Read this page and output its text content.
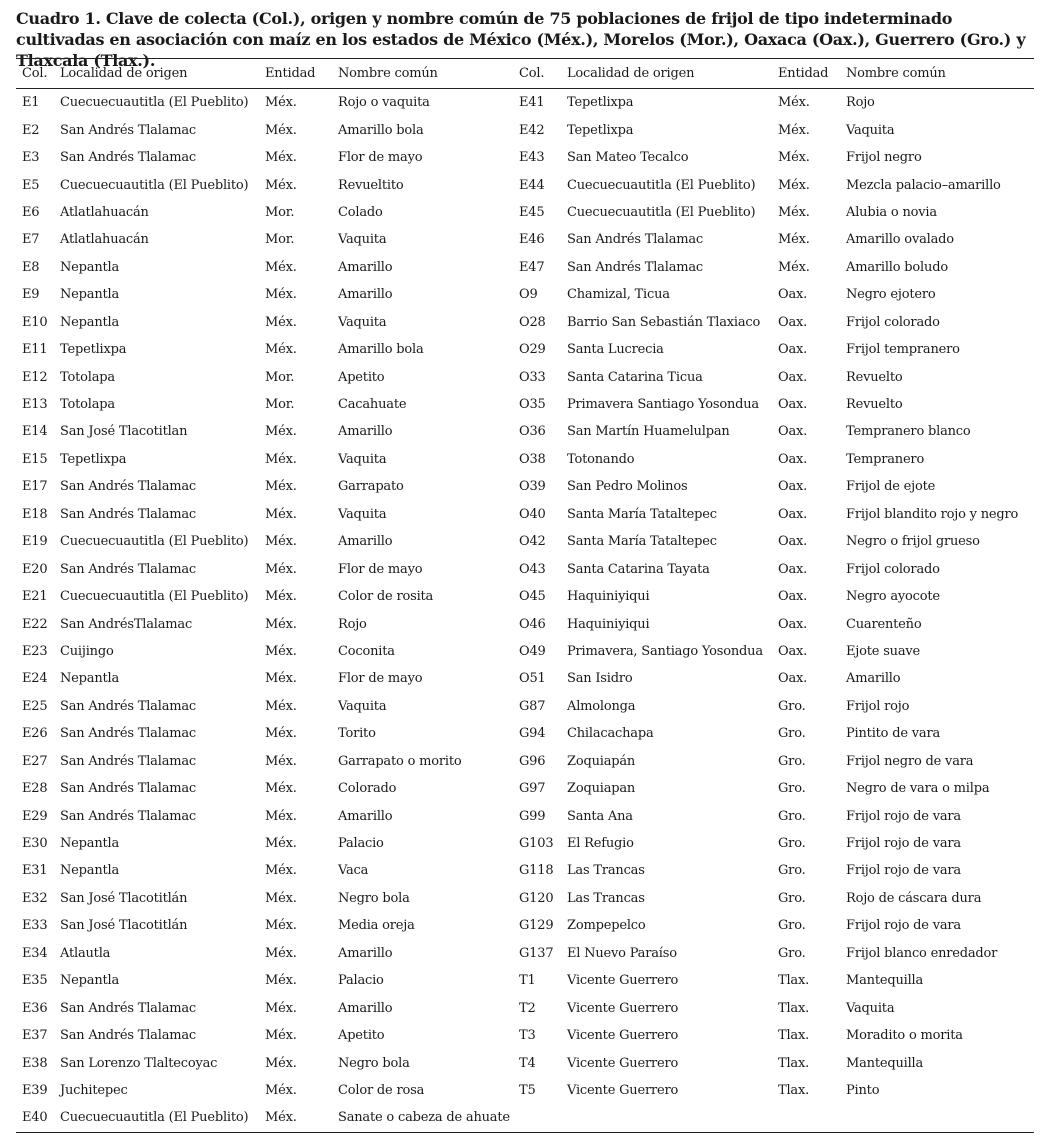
Cuadro 1. Clave de colecta (Col.), origen y nombre común de 75 poblaciones de frijol de tipo indeterminado cultivadas en asociación con maíz en los estados de México (Méx.), Morelos (Mor.), Oaxaca (Oax.), Guerrero (Gro.) y Tlaxcala (Tlax.).
Col.	Localidad de origen	Entidad	Nombre común	Col.	Localidad de origen	Entidad	Nombre común
E1	Cuecuecuautitla (El Pueblito)	Méx.	Rojo o vaquita	E41	Tepetlixpa	Méx.	Rojo
E2	San Andrés Tlalamac	Méx.	Amarillo bola	E42	Tepetlixpa	Méx.	Vaquita
E3	San Andrés Tlalamac	Méx.	Flor de mayo	E43	San Mateo Tecalco	Méx.	Frijol negro
E5	Cuecuecuautitla (El Pueblito)	Méx.	Revueltito	E44	Cuecuecuautitla (El Pueblito)	Méx.	Mezcla palacio–amarillo
E6	Atlatlahuacán	Mor.	Colado	E45	Cuecuecuautitla (El Pueblito)	Méx.	Alubia o novia
E7	Atlatlahuacán	Mor.	Vaquita	E46	San Andrés Tlalamac	Méx.	Amarillo ovalado
E8	Nepantla	Méx.	Amarillo	E47	San Andrés Tlalamac	Méx.	Amarillo boludo
E9	Nepantla	Méx.	Amarillo	O9	Chamizal, Ticua	Oax.	Negro ejotero
E10	Nepantla	Méx.	Vaquita	O28	Barrio San Sebastián Tlaxiaco	Oax.	Frijol colorado
E11	Tepetlixpa	Méx.	Amarillo bola	O29	Santa Lucrecia	Oax.	Frijol tempranero
E12	Totolapa	Mor.	Apetito	O33	Santa Catarina Ticua	Oax.	Revuelto
E13	Totolapa	Mor.	Cacahuate	O35	Primavera Santiago Yosondua	Oax.	Revuelto
E14	San José Tlacotitlan	Méx.	Amarillo	O36	San Martín Huamelulpan	Oax.	Tempranero blanco
E15	Tepetlixpa	Méx.	Vaquita	O38	Totonando	Oax.	Tempranero
E17	San Andrés Tlalamac	Méx.	Garrapato	O39	San Pedro Molinos	Oax.	Frijol de ejote
E18	San Andrés Tlalamac	Méx.	Vaquita	O40	Santa María Tataltepec	Oax.	Frijol blandito rojo y negro
E19	Cuecuecuautitla (El Pueblito)	Méx.	Amarillo	O42	Santa María Tataltepec	Oax.	Negro o frijol grueso
E20	San Andrés Tlalamac	Méx.	Flor de mayo	O43	Santa Catarina Tayata	Oax.	Frijol colorado
E21	Cuecuecuautitla (El Pueblito)	Méx.	Color de rosita	O45	Haquiniyiqui	Oax.	Negro ayocote
E22	San AndrésTlalamac	Méx.	Rojo	O46	Haquiniyiqui	Oax.	Cuarenteño
E23	Cuijingo	Méx.	Coconita	O49	Primavera, Santiago Yosondua	Oax.	Ejote suave
E24	Nepantla	Méx.	Flor de mayo	O51	San Isidro	Oax.	Amarillo
E25	San Andrés Tlalamac	Méx.	Vaquita	G87	Almolonga	Gro.	Frijol rojo
E26	San Andrés Tlalamac	Méx.	Torito	G94	Chilacachapa	Gro.	Pintito de vara
E27	San Andrés Tlalamac	Méx.	Garrapato o morito	G96	Zoquiapán	Gro.	Frijol negro de vara
E28	San Andrés Tlalamac	Méx.	Colorado	G97	Zoquiapan	Gro.	Negro de vara o milpa
E29	San Andrés Tlalamac	Méx.	Amarillo	G99	Santa Ana	Gro.	Frijol rojo de vara
E30	Nepantla	Méx.	Palacio	G103	El Refugio	Gro.	Frijol rojo de vara
E31	Nepantla	Méx.	Vaca	G118	Las Trancas	Gro.	Frijol rojo de vara
E32	San José Tlacotitlán	Méx.	Negro bola	G120	Las Trancas	Gro.	Rojo de cáscara dura
E33	San José Tlacotitlán	Méx.	Media oreja	G129	Zompepelco	Gro.	Frijol rojo de vara
E34	Atlautla	Méx.	Amarillo	G137	El Nuevo Paraíso	Gro.	Frijol blanco enredador
E35	Nepantla	Méx.	Palacio	T1	Vicente Guerrero	Tlax.	Mantequilla
E36	San Andrés Tlalamac	Méx.	Amarillo	T2	Vicente Guerrero	Tlax.	Vaquita
E37	San Andrés Tlalamac	Méx.	Apetito	T3	Vicente Guerrero	Tlax.	Moradito o morita
E38	San Lorenzo Tlaltecoyac	Méx.	Negro bola	T4	Vicente Guerrero	Tlax.	Mantequilla
E39	Juchitepec	Méx.	Color de rosa	T5	Vicente Guerrero	Tlax.	Pinto
E40	Cuecuecuautitla (El Pueblito)	Méx.	Sanate o cabeza de ahuate				
